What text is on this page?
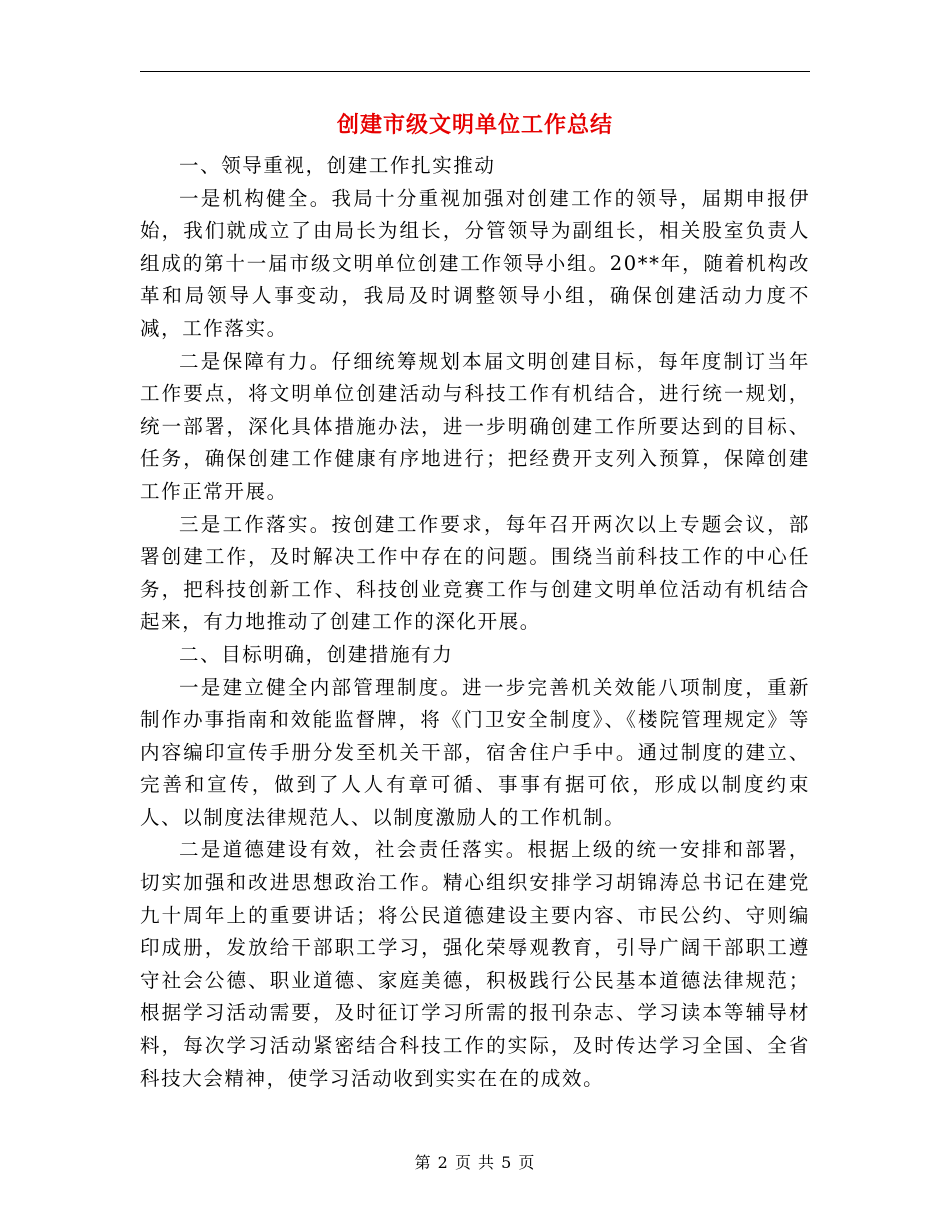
创建市级文明单位工作总结

一、领导重视，创建工作扎实推动

一是机构健全。我局十分重视加强对创建工作的领导，届期申报伊始，我们就成立了由局长为组长，分管领导为副组长，相关股室负责人组成的第十一届市级文明单位创建工作领导小组。20**年，随着机构改革和局领导人事变动，我局及时调整领导小组，确保创建活动力度不减，工作落实。

二是保障有力。仔细统筹规划本届文明创建目标，每年度制订当年工作要点，将文明单位创建活动与科技工作有机结合，进行统一规划，统一部署，深化具体措施办法，进一步明确创建工作所要达到的目标、任务，确保创建工作健康有序地进行；把经费开支列入预算，保障创建工作正常开展。

三是工作落实。按创建工作要求，每年召开两次以上专题会议，部署创建工作，及时解决工作中存在的问题。围绕当前科技工作的中心任务，把科技创新工作、科技创业竞赛工作与创建文明单位活动有机结合起来，有力地推动了创建工作的深化开展。

二、目标明确，创建措施有力

一是建立健全内部管理制度。进一步完善机关效能八项制度，重新制作办事指南和效能监督牌，将《门卫安全制度》、《楼院管理规定》等内容编印宣传手册分发至机关干部，宿舍住户手中。通过制度的建立、完善和宣传，做到了人人有章可循、事事有据可依，形成以制度约束人、以制度法律规范人、以制度激励人的工作机制。

二是道德建设有效，社会责任落实。根据上级的统一安排和部署，切实加强和改进思想政治工作。精心组织安排学习胡锦涛总书记在建党九十周年上的重要讲话；将公民道德建设主要内容、市民公约、守则编印成册，发放给干部职工学习，强化荣辱观教育，引导广阔干部职工遵守社会公德、职业道德、家庭美德，积极践行公民基本道德法律规范；根据学习活动需要，及时征订学习所需的报刊杂志、学习读本等辅导材料，每次学习活动紧密结合科技工作的实际，及时传达学习全国、全省科技大会精神，使学习活动收到实实在在的成效。

第 2 页 共 5 页
